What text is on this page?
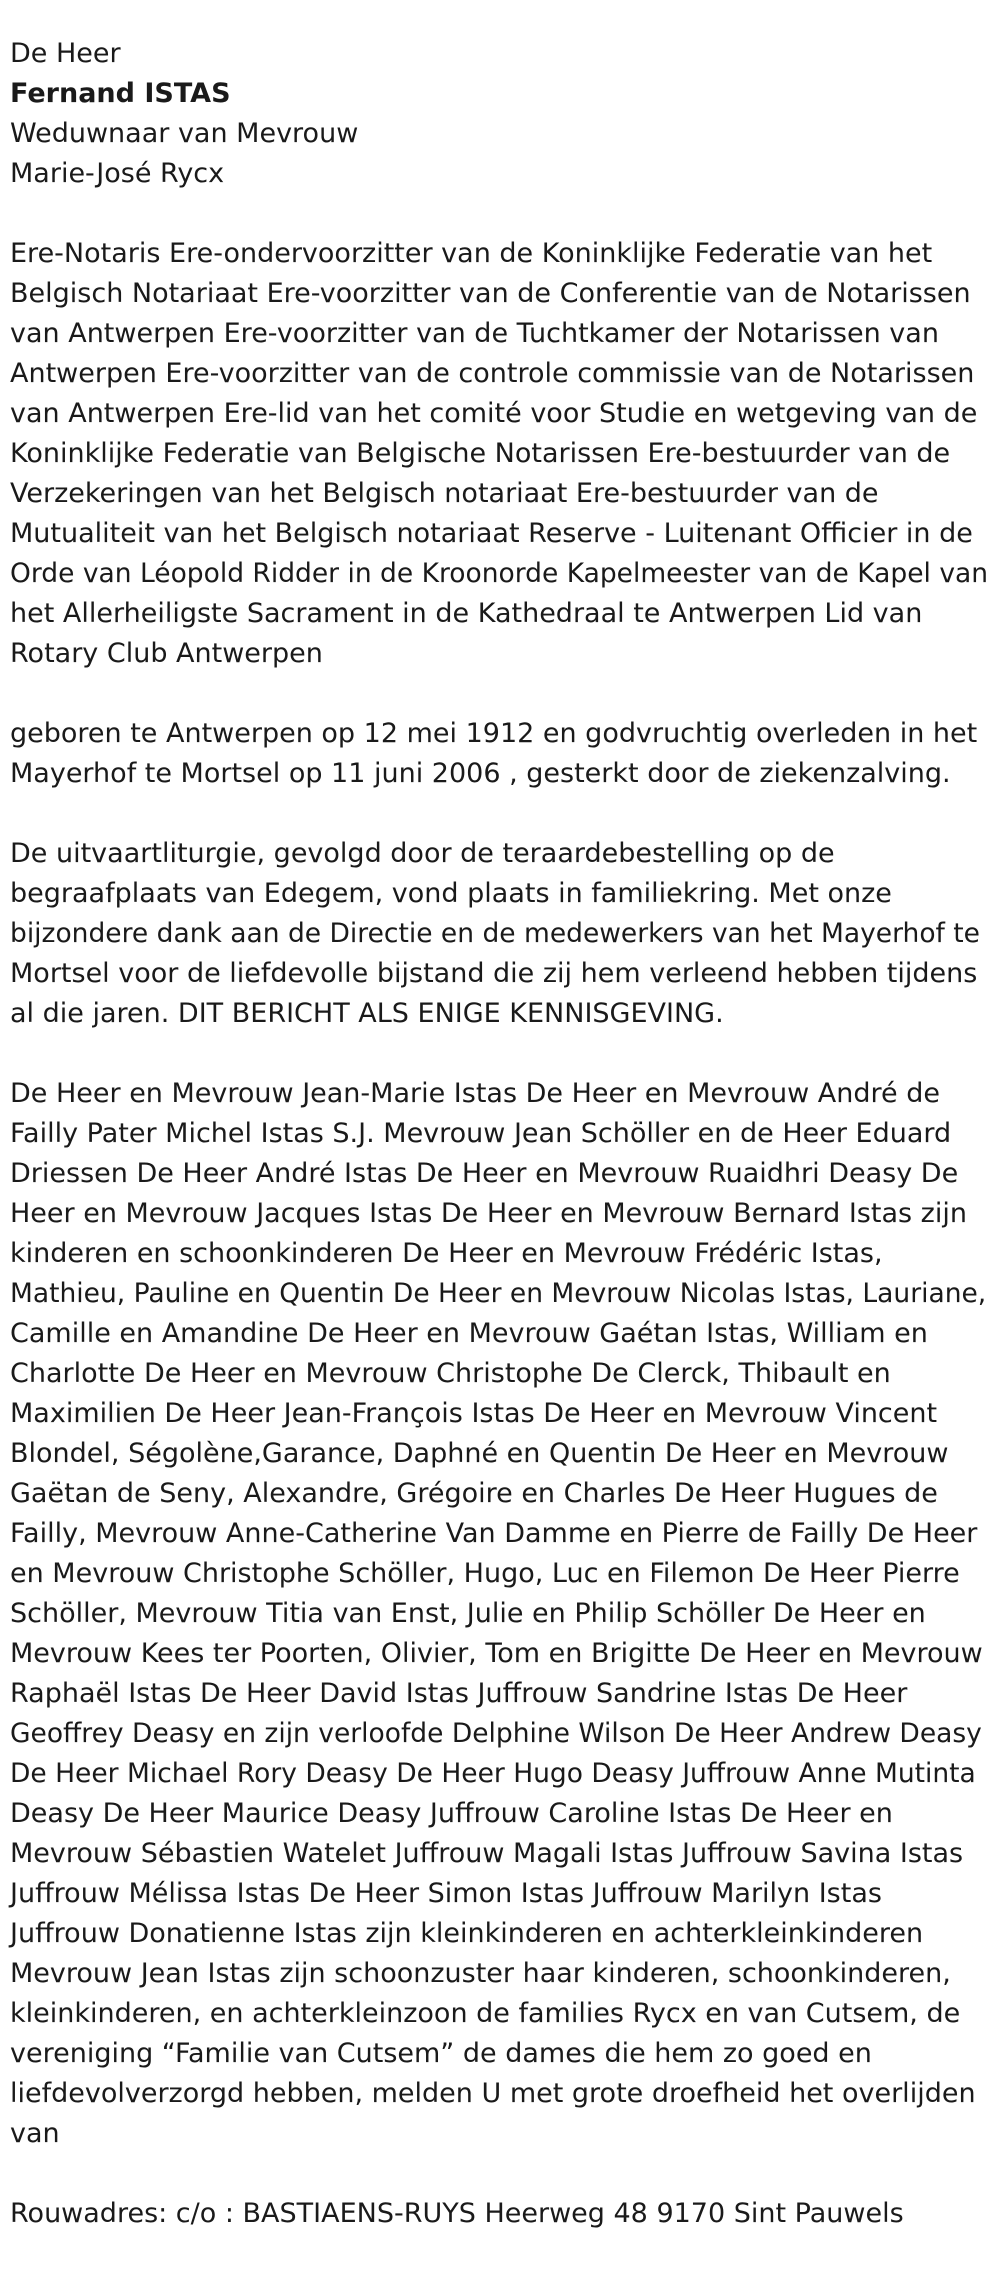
De Heer

Fernand ISTAS

Weduwnaar van Mevrouw

Marie-José Rycx

Ere-Notaris Ere-ondervoorzitter van de Koninklijke Federatie van het
Belgisch Notariaat Ere-voorzitter van de Conferentie van de Notarissen
van Antwerpen Ere-voorzitter van de Tuchtkamer der Notarissen van
Antwerpen Ere-voorzitter van de controle commissie van de Notarissen
van Antwerpen Ere-lid van het comité voor Studie en wetgeving van de
Koninklijke Federatie van Belgische Notarissen Ere-bestuurder van de
Verzekeringen van het Belgisch notariaat Ere-bestuurder van de
Mutualiteit van het Belgisch notariaat Reserve - Luitenant Officier in de
Orde van Léopold Ridder in de Kroonorde Kapelmeester van de Kapel van
het Allerheiligste Sacrament in de Kathedraal te Antwerpen Lid van
Rotary Club Antwerpen
geboren te Antwerpen op 12 mei 1912 en godvruchtig overleden in het
Mayerhof te Mortsel op 11 juni 2006 , gesterkt door de ziekenzalving.
De uitvaartliturgie, gevolgd door de teraardebestelling op de
begraafplaats van Edegem, vond plaats in familiekring. Met onze
bijzondere dank aan de Directie en de medewerkers van het Mayerhof te
Mortsel voor de liefdevolle bijstand die zij hem verleend hebben tijdens
al die jaren. DIT BERICHT ALS ENIGE KENNISGEVING.
De Heer en Mevrouw Jean-Marie Istas De Heer en Mevrouw André de
Failly Pater Michel Istas S.J. Mevrouw Jean Schöller en de Heer Eduard
Driessen De Heer André Istas De Heer en Mevrouw Ruaidhri Deasy De
Heer en Mevrouw Jacques Istas De Heer en Mevrouw Bernard Istas zijn
kinderen en schoonkinderen De Heer en Mevrouw Frédéric Istas,
Mathieu, Pauline en Quentin De Heer en Mevrouw Nicolas Istas, Lauriane,
Camille en Amandine De Heer en Mevrouw Gaétan Istas, William en
Charlotte De Heer en Mevrouw Christophe De Clerck, Thibault en
Maximilien De Heer Jean-François Istas De Heer en Mevrouw Vincent
Blondel, Ségolène,Garance, Daphné en Quentin De Heer en Mevrouw
Gaëtan de Seny, Alexandre, Grégoire en Charles De Heer Hugues de
Failly, Mevrouw Anne-Catherine Van Damme en Pierre de Failly De Heer
en Mevrouw Christophe Schöller, Hugo, Luc en Filemon De Heer Pierre
Schöller, Mevrouw Titia van Enst, Julie en Philip Schöller De Heer en
Mevrouw Kees ter Poorten, Olivier, Tom en Brigitte De Heer en Mevrouw
Raphaël Istas De Heer David Istas Juffrouw Sandrine Istas De Heer
Geoffrey Deasy en zijn verloofde Delphine Wilson De Heer Andrew Deasy
De Heer Michael Rory Deasy De Heer Hugo Deasy Juffrouw Anne Mutinta
Deasy De Heer Maurice Deasy Juffrouw Caroline Istas De Heer en
Mevrouw Sébastien Watelet Juffrouw Magali Istas Juffrouw Savina Istas
Juffrouw Mélissa Istas De Heer Simon Istas Juffrouw Marilyn Istas
Juffrouw Donatienne Istas zijn kleinkinderen en achterkleinkinderen
Mevrouw Jean Istas zijn schoonzuster haar kinderen, schoonkinderen,
kleinkinderen, en achterkleinzoon de families Rycx en van Cutsem, de
vereniging “Familie van Cutsem” de dames die hem zo goed en
liefdevolverzorgd hebben, melden U met grote droefheid het overlijden
van

Rouwadres: c/o : BASTIAENS-RUYS Heerweg 48 9170 Sint Pauwels
